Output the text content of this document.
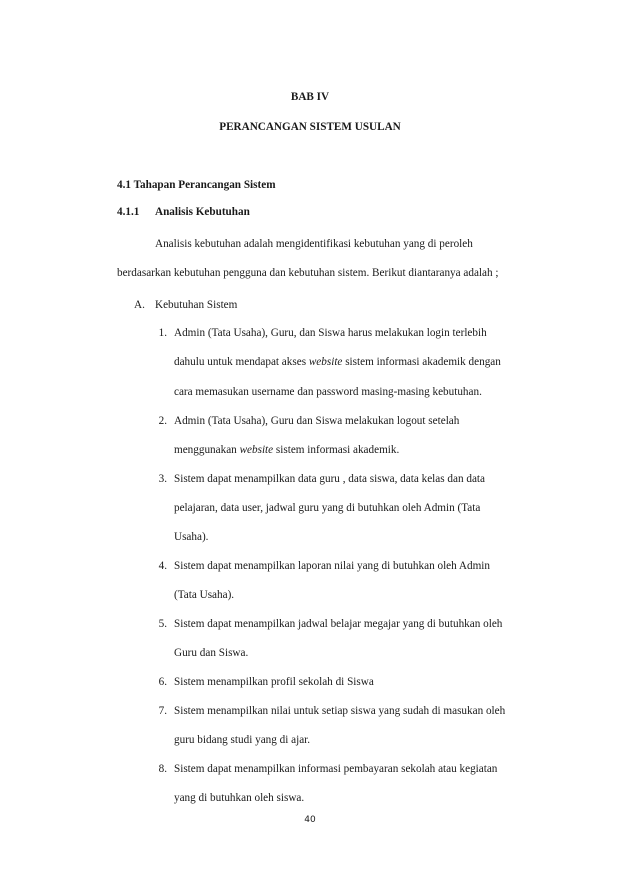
BAB IV
PERANCANGAN SISTEM USULAN
4.1 Tahapan Perancangan Sistem
4.1.1 Analisis Kebutuhan
Analisis kebutuhan adalah mengidentifikasi kebutuhan yang di peroleh
berdasarkan kebutuhan pengguna dan kebutuhan sistem. Berikut diantaranya adalah ;
A. Kebutuhan Sistem
1. Admin (Tata Usaha), Guru, dan Siswa harus melakukan login terlebih
dahulu untuk mendapat akses website sistem informasi akademik dengan
cara memasukan username dan password masing-masing kebutuhan.
2. Admin (Tata Usaha), Guru dan Siswa melakukan logout setelah
menggunakan website sistem informasi akademik.
3. Sistem dapat menampilkan data guru , data siswa, data kelas dan data
pelajaran, data user, jadwal guru yang di butuhkan oleh Admin (Tata
Usaha).
4. Sistem dapat menampilkan laporan nilai yang di butuhkan oleh Admin
(Tata Usaha).
5. Sistem dapat menampilkan jadwal belajar megajar yang di butuhkan oleh
Guru dan Siswa.
6. Sistem menampilkan profil sekolah di Siswa
7. Sistem menampilkan nilai untuk setiap siswa yang sudah di masukan oleh
guru bidang studi yang di ajar.
8. Sistem dapat menampilkan informasi pembayaran sekolah atau kegiatan
yang di butuhkan oleh siswa.
40
